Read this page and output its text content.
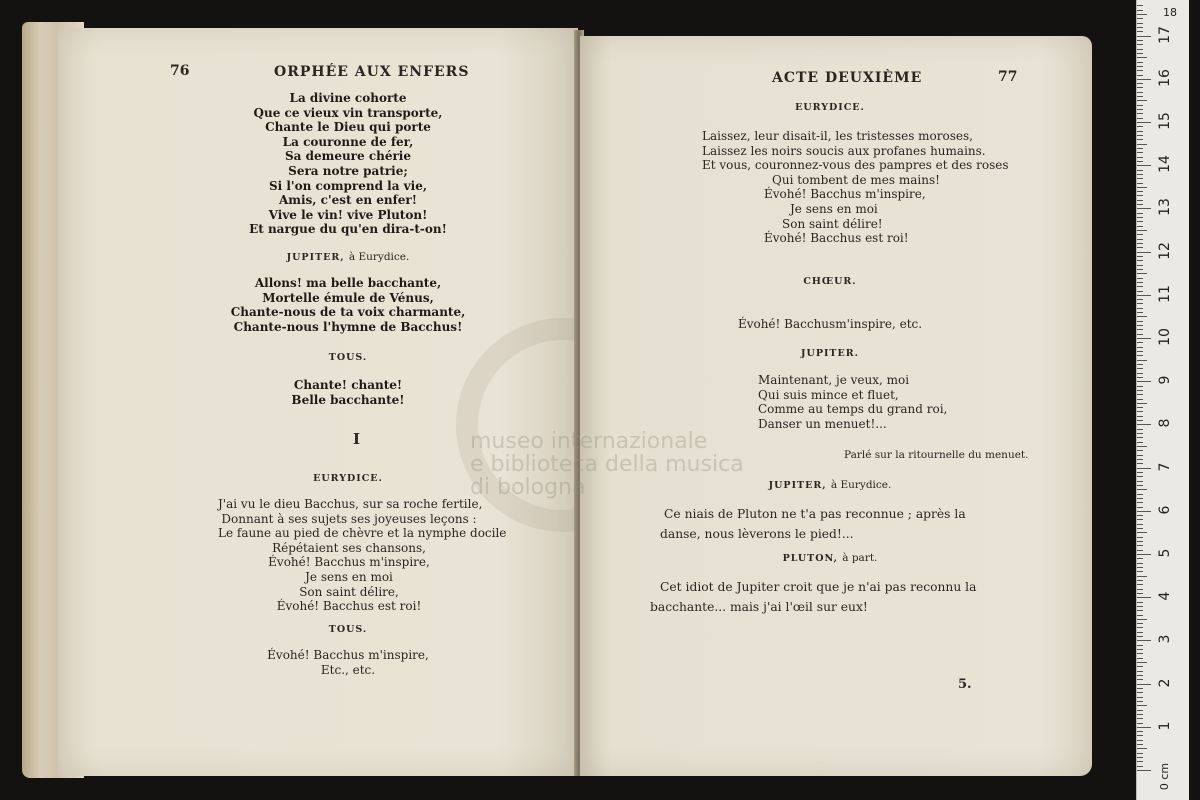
76	ORPHÉE AUX ENFERS
La divine cohorte
Que ce vieux vin transporte,
Chante le Dieu qui porte
La couronne de fer,
Sa demeure chérie
Sera notre patrie;
Si l'on comprend la vie,
Amis, c'est en enfer!
Vive le vin! vive Pluton!
Et nargue du qu'en dira-t-on!
JUPITER, à Eurydice.
Allons! ma belle bacchante,
Mortelle émule de Vénus,
Chante-nous de ta voix charmante,
Chante-nous l'hymne de Bacchus!
TOUS.
Chante! chante!
Belle bacchante!
I
EURYDICE.
J'ai vu le dieu Bacchus, sur sa roche fertile,
Donnant à ses sujets ses joyeuses leçons :
Le faune au pied de chèvre et la nymphe docile
Répétaient ses chansons,
Évohé! Bacchus m'inspire,
Je sens en moi
Son saint délire,
Évohé! Bacchus est roi!
TOUS.
Évohé! Bacchus m'inspire,
Etc., etc.
ACTE DEUXIÈME	77
EURYDICE.
Laissez, leur disait-il, les tristesses moroses,
Laissez les noirs soucis aux profanes humains.
Et vous, couronnez-vous des pampres et des roses
Qui tombent de mes mains!
Évohé! Bacchus m'inspire,
Je sens en moi
Son saint délire!
Évohé! Bacchus est roi!
CHŒUR.
Évohé! Bacchusm'inspire, etc.
JUPITER.
Maintenant, je veux, moi
Qui suis mince et fluet,
Comme au temps du grand roi,
Danser un menuet!...
Parlé sur la ritournelle du menuet.
JUPITER, à Eurydice.
Ce niais de Pluton ne t'a pas reconnue ; après la danse, nous lèverons le pied!...
PLUTON, à part.
Cet idiot de Jupiter croit que je n'ai pas reconnu la bacchante... mais j'ai l'œil sur eux!
5.
museo internazionale
e biblioteca della musica
di bologna
0 cm
18
1
2
3
4
5
6
7
8
9
10
11
12
13
14
15
16
17
